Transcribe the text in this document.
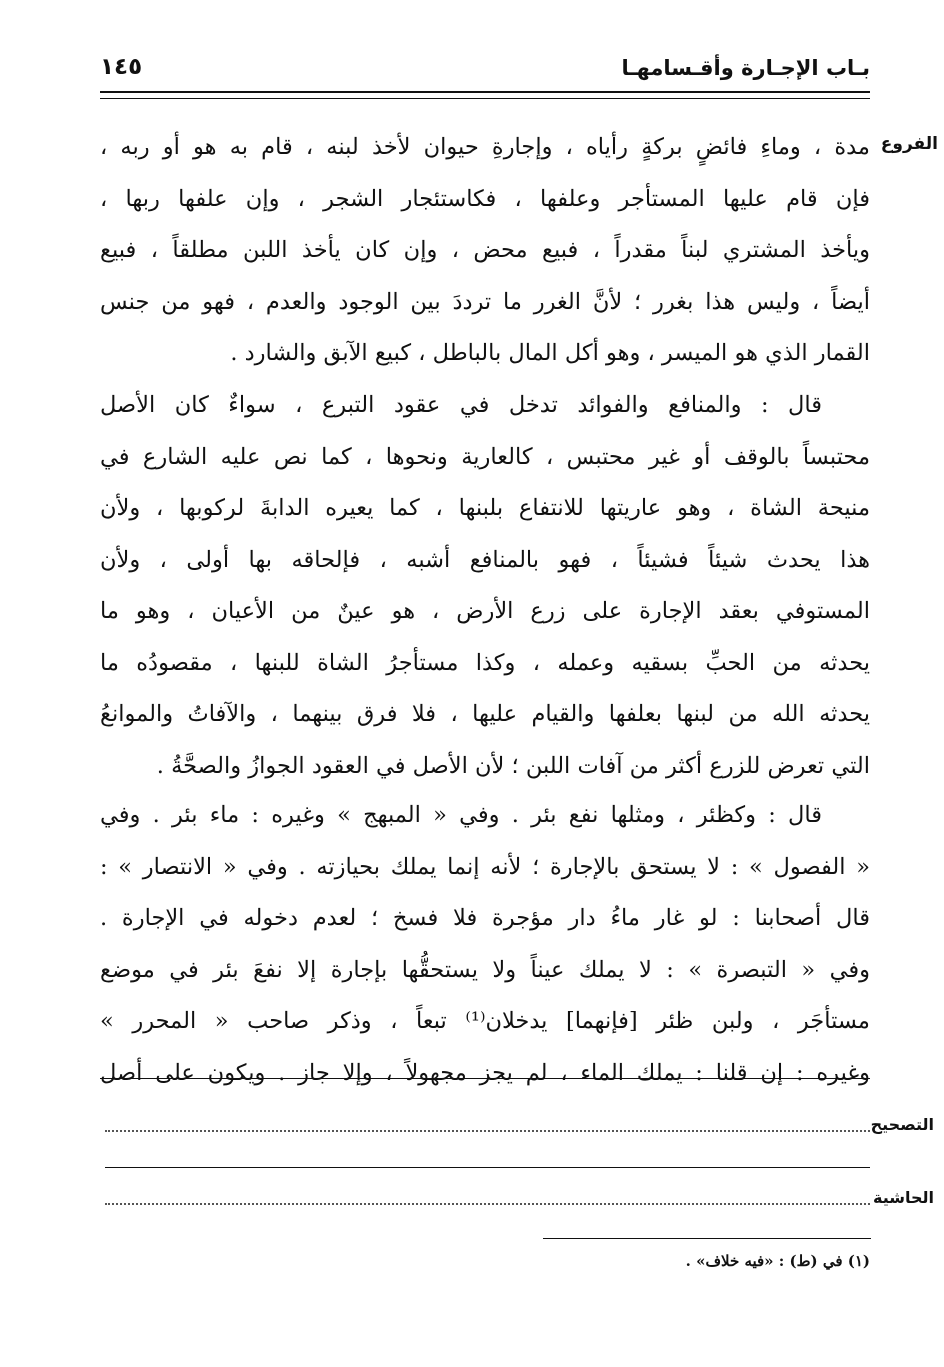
بـاب الإجـارة وأقـسامهـا
١٤٥
الفروع
مدة ، وماءِ فائضٍ بركةٍ رأياه ، وإجارةِ حيوان لأخذ لبنه ، قام به هو أو ربه ،
فإن قام عليها المستأجر وعلفها ، فكاستئجار الشجر ، وإن علفها ربها ،
ويأخذ المشتري لبناً مقدراً ، فبيع محض ، وإن كان يأخذ اللبن مطلقاً ، فبيع
أيضاً ، وليس هذا بغرر ؛ لأنَّ الغرر ما ترددَ بين الوجود والعدم ، فهو من جنس
القمار الذي هو الميسر ، وهو أكل المال بالباطل ، كبيع الآبق والشارد .
قال : والمنافع والفوائد تدخل في عقود التبرع ، سواءٌ كان الأصل
محتبساً بالوقف أو غير محتبس ، كالعارية ونحوها ، كما نص عليه الشارع في
منيحة الشاة ، وهو عاريتها للانتفاع بلبنها ، كما يعيره الدابةَ لركوبها ، ولأن
هذا يحدث شيئاً فشيئاً ، فهو بالمنافع أشبه ، فإلحاقه بها أولى ، ولأن
المستوفي بعقد الإجارة على زرع الأرض ، هو عينٌ من الأعيان ، وهو ما
يحدثه من الحبِّ بسقيه وعمله ، وكذا مستأجرُ الشاة للبنها ، مقصودُه ما
يحدثه الله من لبنها بعلفها والقيام عليها ، فلا فرق بينهما ، والآفاتُ والموانعُ
التي تعرض للزرع أكثر من آفات اللبن ؛ لأن الأصل في العقود الجوازُ والصحَّةُ .
قال : وكظئر ، ومثلها نفع بئر . وفي « المبهج » وغيره : ماء بئر . وفي
« الفصول » : لا يستحق بالإجارة ؛ لأنه إنما يملك بحيازته . وفي « الانتصار » :
قال أصحابنا : لو غار ماءُ دار مؤجرة فلا فسخ ؛ لعدم دخوله في الإجارة .
وفي « التبصرة » : لا يملك عيناً ولا يستحقُّها بإجارة إلا نفعَ بئر في موضع
مستأجَر ، ولبن ظئر [فإنهما] يدخلان⁽¹⁾ تبعاً ، وذكر صاحب « المحرر »
وغيره : إن قلنا : يملك الماء ، لم يجز مجهولاً ، وإلا جاز . ويكون على أصل
التصحيح
الحاشية
(١) في (ط) : «فيه خلاف» .
